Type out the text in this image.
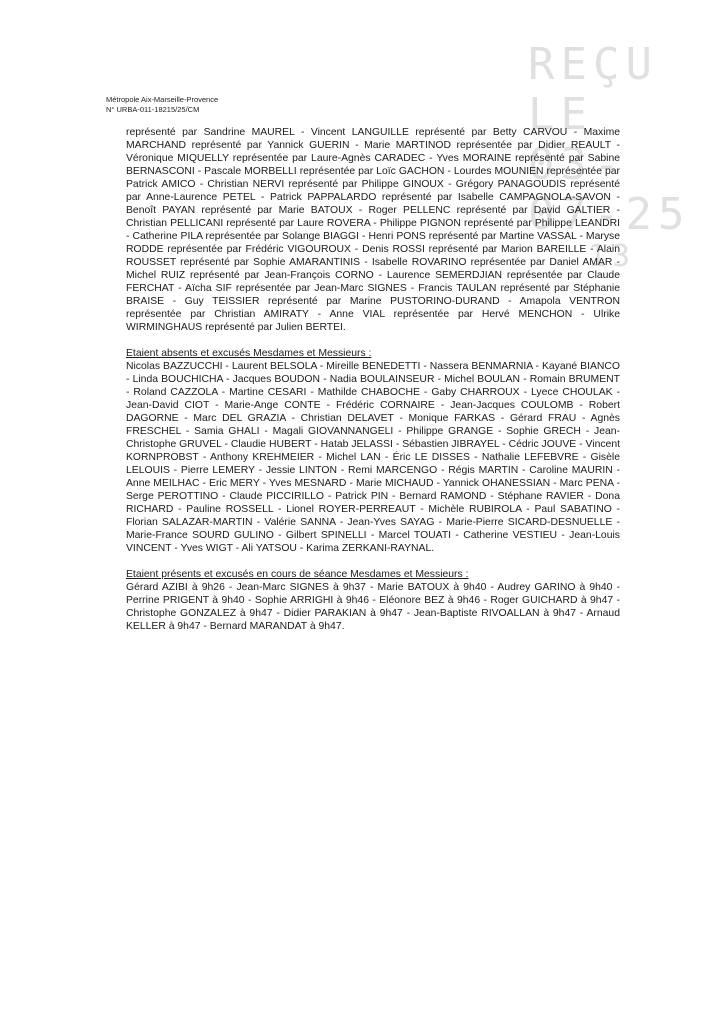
Métropole Aix-Marseille-Provence
N° URBA-011-18215/25/CM
REÇU LE
03-07-25
13

représenté par Sandrine MAUREL - Vincent LANGUILLE représenté par Betty CARVOU - Maxime MARCHAND représenté par Yannick GUERIN - Marie MARTINOD représentée par Didier REAULT - Véronique MIQUELLY représentée par Laure-Agnès CARADEC - Yves MORAINE représenté par Sabine BERNASCONI - Pascale MORBELLI représentée par Loïc GACHON - Lourdes MOUNIEN représentée par Patrick AMICO - Christian NERVI représenté par Philippe GINOUX - Grégory PANAGOUDIS représenté par Anne-Laurence PETEL - Patrick PAPPALARDO représenté par Isabelle CAMPAGNOLA-SAVON - Benoît PAYAN représenté par Marie BATOUX - Roger PELLENC représenté par David GALTIER - Christian PELLICANI représenté par Laure ROVERA - Philippe PIGNON représenté par Philippe LEANDRI - Catherine PILA représentée par Solange BIAGGI - Henri PONS représenté par Martine VASSAL - Maryse RODDE représentée par Frédéric VIGOUROUX - Denis ROSSI représenté par Marion BAREILLE - Alain ROUSSET représenté par Sophie AMARANTINIS - Isabelle ROVARINO représentée par Daniel AMAR - Michel RUIZ représenté par Jean-François CORNO - Laurence SEMERDJIAN représentée par Claude FERCHAT - Aïcha SIF représentée par Jean-Marc SIGNES - Francis TAULAN représenté par Stéphanie BRAISE - Guy TEISSIER représenté par Marine PUSTORINO-DURAND - Amapola VENTRON représentée par Christian AMIRATY - Anne VIAL représentée par Hervé MENCHON - Ulrike WIRMINGHAUS représenté par Julien BERTEI.

Etaient absents et excusés Mesdames et Messieurs :

Nicolas BAZZUCCHI - Laurent BELSOLA - Mireille BENEDETTI - Nassera BENMARNIA - Kayané BIANCO - Linda BOUCHICHA - Jacques BOUDON - Nadia BOULAINSEUR - Michel BOULAN - Romain BRUMENT - Roland CAZZOLA - Martine CESARI - Mathilde CHABOCHE - Gaby CHARROUX - Lyece CHOULAK - Jean-David CIOT - Marie-Ange CONTE - Frédéric CORNAIRE - Jean-Jacques COULOMB - Robert DAGORNE - Marc DEL GRAZIA - Christian DELAVET - Monique FARKAS - Gérard FRAU - Agnès FRESCHEL - Samia GHALI - Magali GIOVANNANGELI - Philippe GRANGE - Sophie GRECH - Jean-Christophe GRUVEL - Claudie HUBERT - Hatab JELASSI - Sébastien JIBRAYEL - Cédric JOUVE - Vincent KORNPROBST - Anthony KREHMEIER - Michel LAN - Éric LE DISSES - Nathalie LEFEBVRE - Gisèle LELOUIS - Pierre LEMERY - Jessie LINTON - Remi MARCENGO - Régis MARTIN - Caroline MAURIN - Anne MEILHAC - Eric MERY - Yves MESNARD - Marie MICHAUD - Yannick OHANESSIAN - Marc PENA - Serge PEROTTINO - Claude PICCIRILLO - Patrick PIN - Bernard RAMOND - Stéphane RAVIER - Dona RICHARD - Pauline ROSSELL - Lionel ROYER-PERREAUT - Michèle RUBIROLA - Paul SABATINO - Florian SALAZAR-MARTIN - Valérie SANNA - Jean-Yves SAYAG - Marie-Pierre SICARD-DESNUELLE - Marie-France SOURD GULINO - Gilbert SPINELLI - Marcel TOUATI - Catherine VESTIEU - Jean-Louis VINCENT - Yves WIGT - Ali YATSOU - Karima ZERKANI-RAYNAL.

Etaient présents et excusés en cours de séance Mesdames et Messieurs :

Gérard AZIBI à 9h26 - Jean-Marc SIGNES à 9h37 - Marie BATOUX à 9h40 - Audrey GARINO à 9h40 - Perrine PRIGENT à 9h40 - Sophie ARRIGHI à 9h46 - Eléonore BEZ à 9h46 - Roger GUICHARD à 9h47 - Christophe GONZALEZ à 9h47 - Didier PARAKIAN à 9h47 - Jean-Baptiste RIVOALLAN à 9h47 - Arnaud KELLER à 9h47 - Bernard MARANDAT à 9h47.
